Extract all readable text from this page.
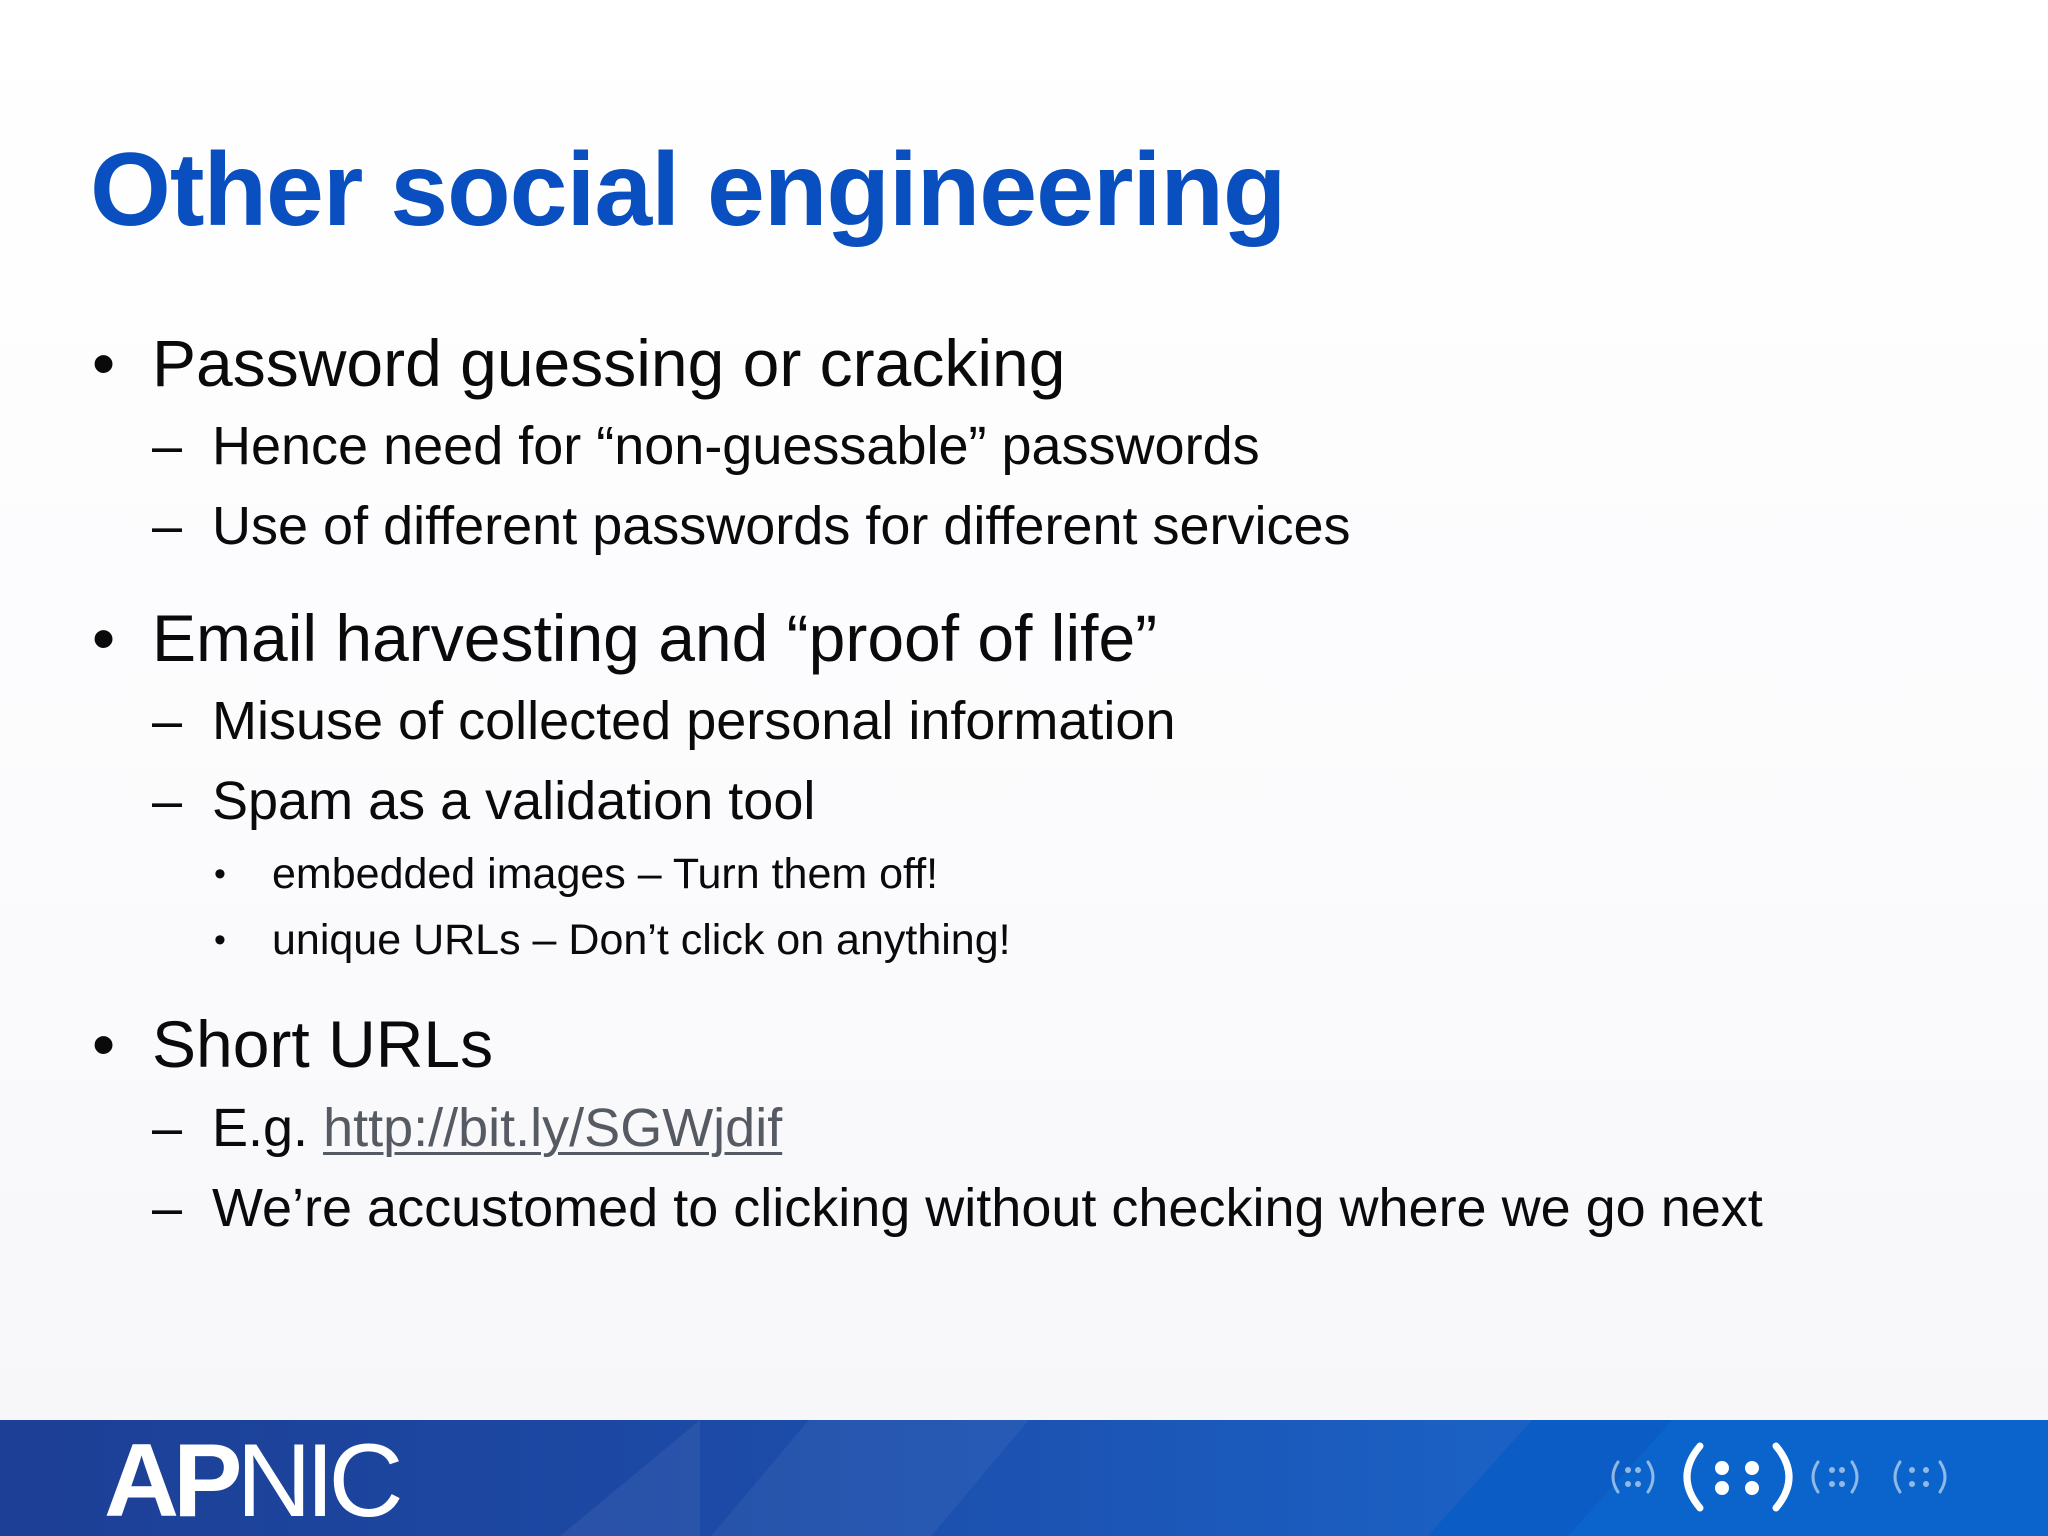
Other social engineering
• Password guessing or cracking
– Hence need for “non-guessable” passwords
– Use of different passwords for different services
• Email harvesting and “proof of life”
– Misuse of collected personal information
– Spam as a validation tool
• embedded images – Turn them off!
• unique URLs – Don’t click on anything!
• Short URLs
– E.g. http://bit.ly/SGWjdif
– We’re accustomed to clicking without checking where we go next
APNIC
